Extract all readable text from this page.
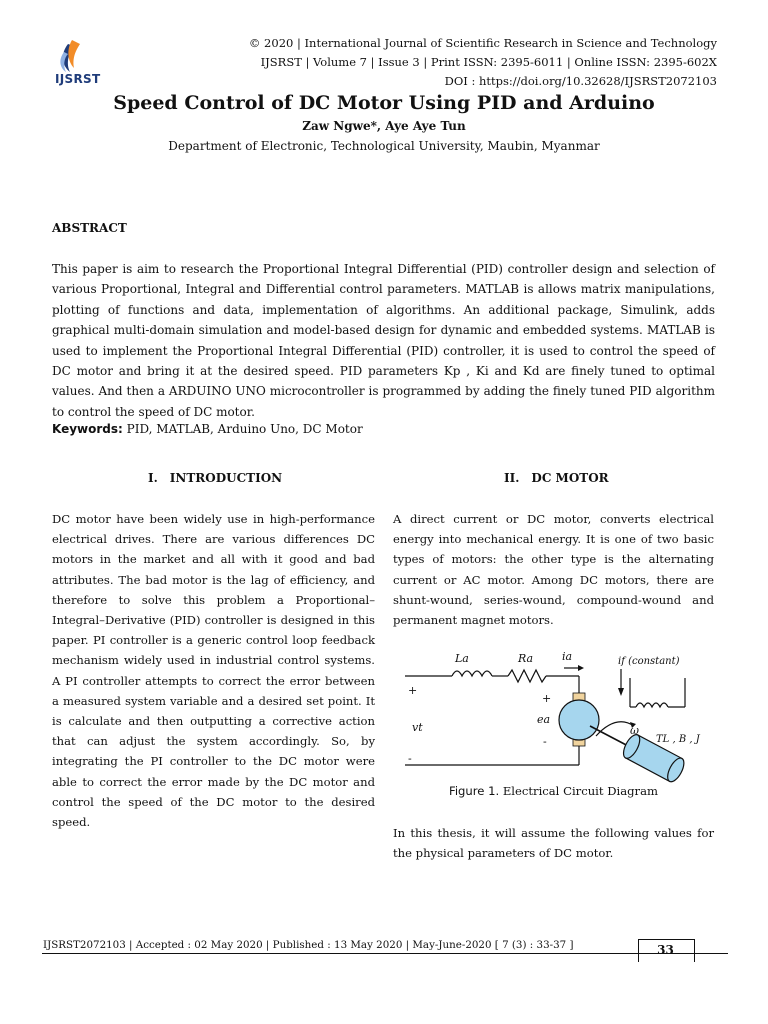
IJSRST
© 2020 | International Journal of Scientific Research in Science and Technology
IJSRST | Volume 7 | Issue 3 | Print ISSN: 2395-6011 | Online ISSN: 2395-602X
DOI : https://doi.org/10.32628/IJSRST2072103
Speed Control of DC Motor Using PID and Arduino
Zaw Ngwe*, Aye Aye Tun
Department of Electronic, Technological University, Maubin, Myanmar
ABSTRACT

This paper is aim to research the Proportional Integral Differential (PID) controller design and selection of various Proportional, Integral and Differential control parameters. MATLAB is allows matrix manipulations, plotting of functions and data, implementation of algorithms. An additional package, Simulink, adds graphical multi-domain simulation and model-based design for dynamic and embedded systems. MATLAB is used to implement the Proportional Integral Differential (PID) controller, it is used to control the speed of DC motor and bring it at the desired speed. PID parameters Kp , Ki and Kd are finely tuned to optimal values. And then a ARDUINO UNO microcontroller is programmed by adding the finely tuned PID algorithm to control the speed of DC motor.

Keywords: PID, MATLAB, Arduino Uno, DC Motor
I. INTRODUCTION

DC motor have been widely use in high-performance electrical drives. There are various differences DC motors in the market and all with it good and bad attributes. The bad motor is the lag of efficiency, and therefore to solve this problem a Proportional–Integral–Derivative (PID) controller is designed in this paper. PI controller is a generic control loop feedback mechanism widely used in industrial control systems. A PI controller attempts to correct the error between a measured system variable and a desired set point. It is calculate and then outputting a corrective action that can adjust the system accordingly. So, by integrating the PI controller to the DC motor were able to correct the error made by the DC motor and control the speed of the DC motor to the desired speed.

II. DC MOTOR

A direct current or DC motor, converts electrical energy into mechanical energy. It is one of two basic types of motors: the other type is the alternating current or AC motor. Among DC motors, there are shunt-wound, series-wound, compound-wound and permanent magnet motors.

La	Ra	ia	if (constant)
+
-
+
-
vt
ea
ω
TL , B , J
Figure 1. Electrical Circuit Diagram

In this thesis, it will assume the following values for the physical parameters of DC motor.

IJSRST2072103 | Accepted : 02 May 2020 | Published : 13 May 2020 | May-June-2020 [ 7 (3) : 33-37 ]	33
